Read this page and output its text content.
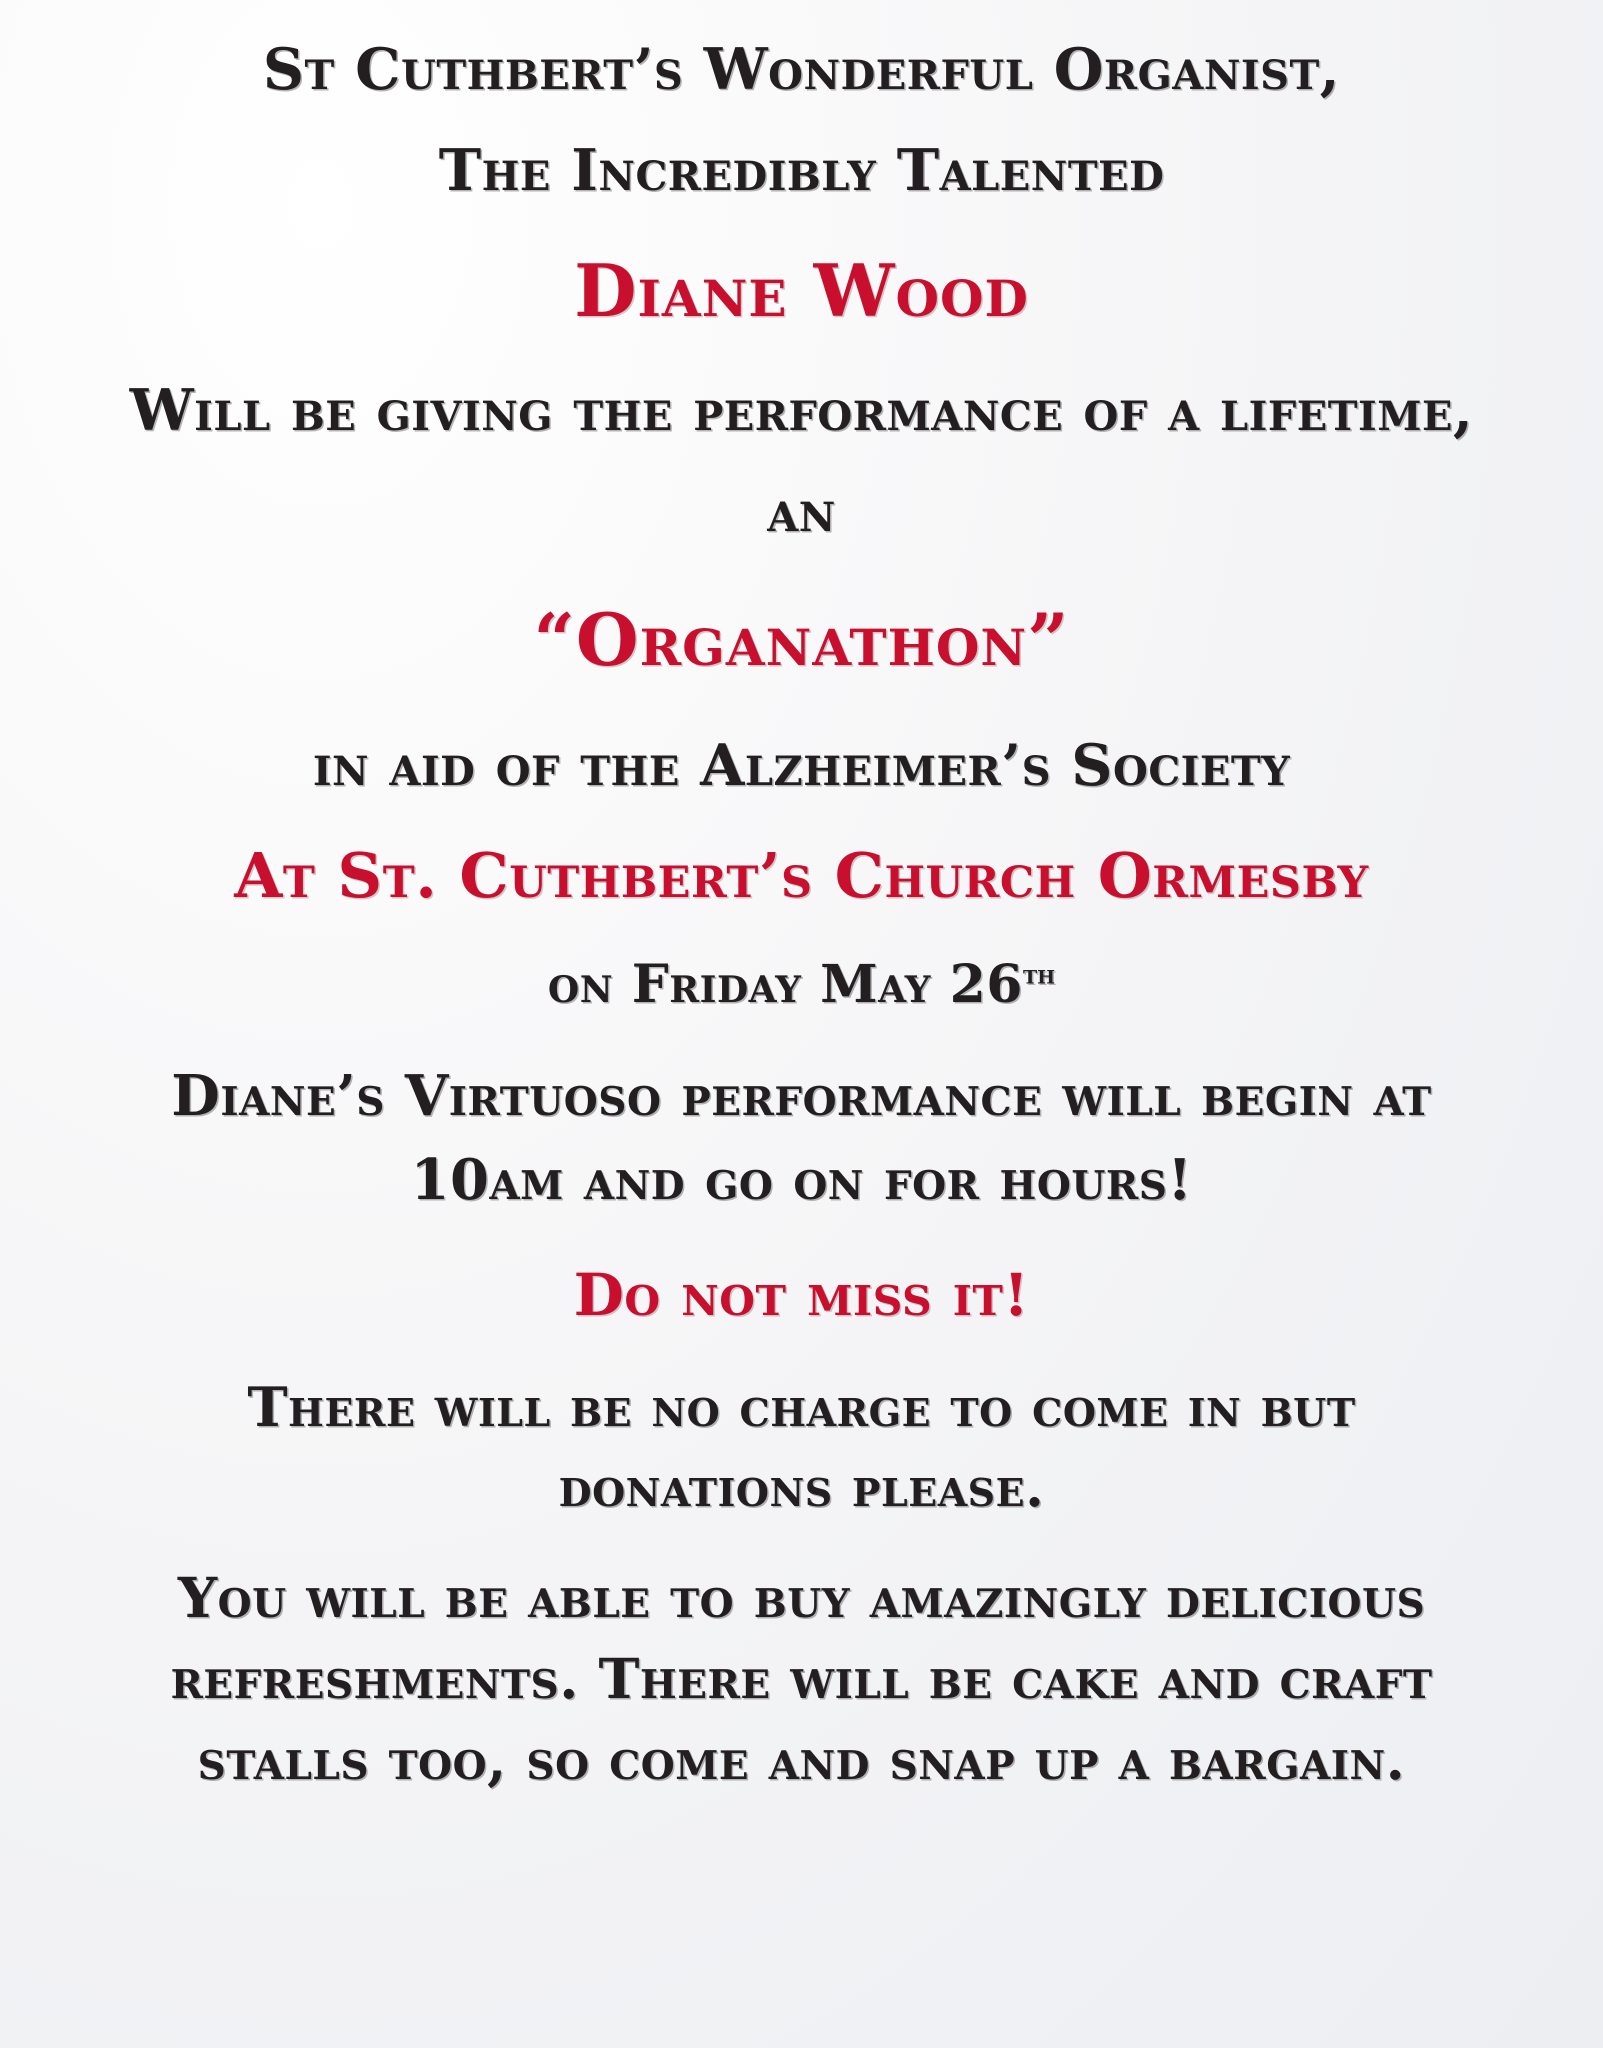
St Cuthbert’s Wonderful Organist,
The Incredibly Talented
Diane Wood
Will be giving the performance of a lifetime,
an
“Organathon”
in aid of the Alzheimer’s Society
At St. Cuthbert’s Church Ormesby
on Friday May 26th
Diane’s Virtuoso performance will begin at
10am and go on for hours!
Do not miss it!
There will be no charge to come in but
donations please.
You will be able to buy amazingly delicious
refreshments. There will be cake and craft
stalls too, so come and snap up a bargain.
